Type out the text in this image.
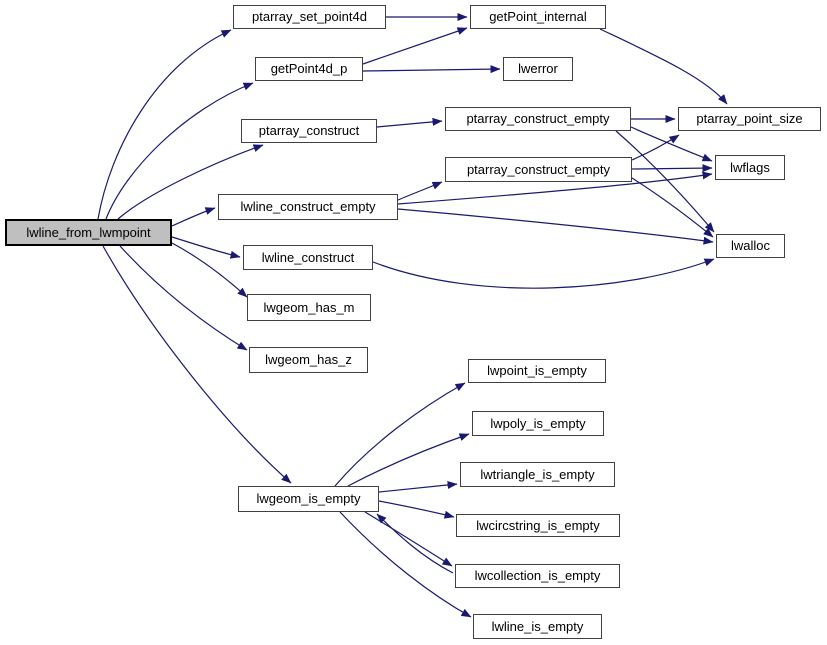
lwline_from_lwmpoint
ptarray_set_point4d
getPoint4d_p
ptarray_construct
lwline_construct_empty
lwline_construct
lwgeom_has_m
lwgeom_has_z
lwgeom_is_empty
getPoint_internal
lwerror
ptarray_construct_empty
ptarray_construct_empty
lwpoint_is_empty
lwpoly_is_empty
lwtriangle_is_empty
lwcircstring_is_empty
lwcollection_is_empty
lwline_is_empty
ptarray_point_size
lwflags
lwalloc
